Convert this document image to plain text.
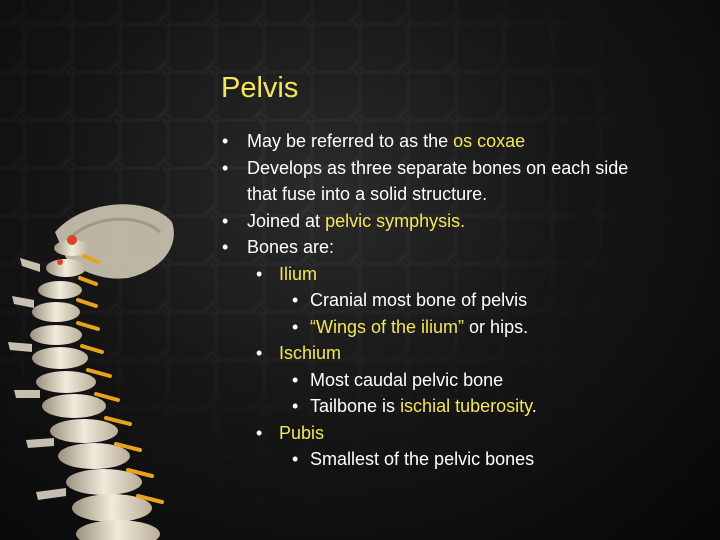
Pelvis
• May be referred to as the os coxae
• Develops as three separate bones on each side
that fuse into a solid structure.
• Joined at pelvic symphysis.
• Bones are:
• Ilium
• Cranial most bone of pelvis
• “Wings of the ilium” or hips.
• Ischium
• Most caudal pelvic bone
• Tailbone is ischial tuberosity.
• Pubis
• Smallest of the pelvic bones
